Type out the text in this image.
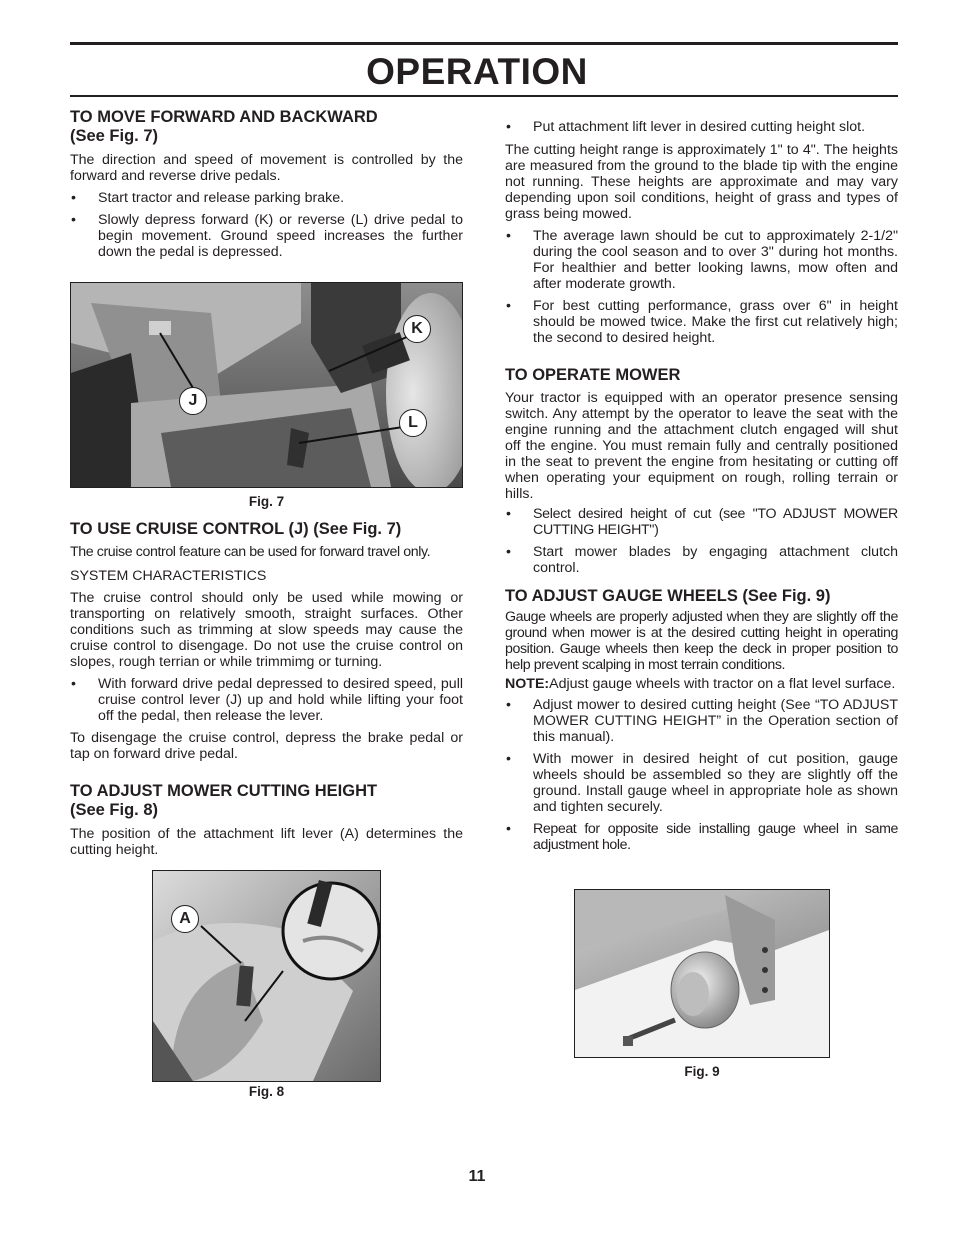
OPERATION
TO MOVE FORWARD AND BACKWARD
(See Fig. 7)

The direction and speed of movement is controlled by the forward and reverse drive pedals.

• Start tractor and release parking brake.
• Slowly depress forward (K) or reverse (L) drive pedal to begin movement. Ground speed increases the further down the pedal is depressed.
J
K
L
Fig. 7
TO USE CRUISE CONTROL (J) (See Fig. 7)

The cruise control feature can be used for forward travel only.

SYSTEM CHARACTERISTICS

The cruise control should only be used while mowing or transporting on relatively smooth, straight surfaces. Other conditions such as trimming at slow speeds may cause the cruise control to disengage. Do not use the cruise control on slopes, rough terrian or while trimmimg or turning.

• With forward drive pedal depressed to desired speed, pull cruise control lever (J) up and hold while lifting your foot off the pedal, then release the lever.

To disengage the cruise control, depress the brake pedal or tap on forward drive pedal.

TO ADJUST MOWER CUTTING HEIGHT
(See Fig. 8)

The position of the attachment lift lever (A) determines the cutting height.

A
Fig. 8
• Put attachment lift lever in desired cutting height slot.

The cutting height range is approximately 1" to 4". The heights are measured from the ground to the blade tip with the engine not running. These heights are approximate and may vary depending upon soil conditions, height of grass and types of grass being mowed.

• The average lawn should be cut to approximately 2-1/2" during the cool season and to over 3" during hot months. For healthier and better looking lawns, mow often and after moderate growth.
• For best cutting performance, grass over 6" in height should be mowed twice. Make the first cut relatively high; the second to desired height.
TO OPERATE MOWER

Your tractor is equipped with an operator presence sensing switch. Any attempt by the operator to leave the seat with the engine running and the attachment clutch engaged will shut off the engine. You must remain fully and centrally positioned in the seat to prevent the engine from hesitating or cutting off when operating your equipment on rough, rolling terrain or hills.

• Select desired height of cut (see "TO ADJUST MOWER CUTTING HEIGHT")
• Start mower blades by engaging attachment clutch control.
TO ADJUST GAUGE WHEELS (See Fig. 9)

Gauge wheels are properly adjusted when they are slightly off the ground when mower is at the desired cutting height in operating position. Gauge wheels then keep the deck in proper position to help prevent scalping in most terrain conditions.

NOTE:Adjust gauge wheels with tractor on a flat level surface.

• Adjust mower to desired cutting height (See “TO ADJUST MOWER CUTTING HEIGHT” in the Operation section of this manual).
• With mower in desired height of cut position, gauge wheels should be assembled so they are slightly off the ground. Install gauge wheel in appropriate hole as shown and tighten securely.
• Repeat for opposite side installing gauge wheel in same adjustment hole.
Fig. 9
11
